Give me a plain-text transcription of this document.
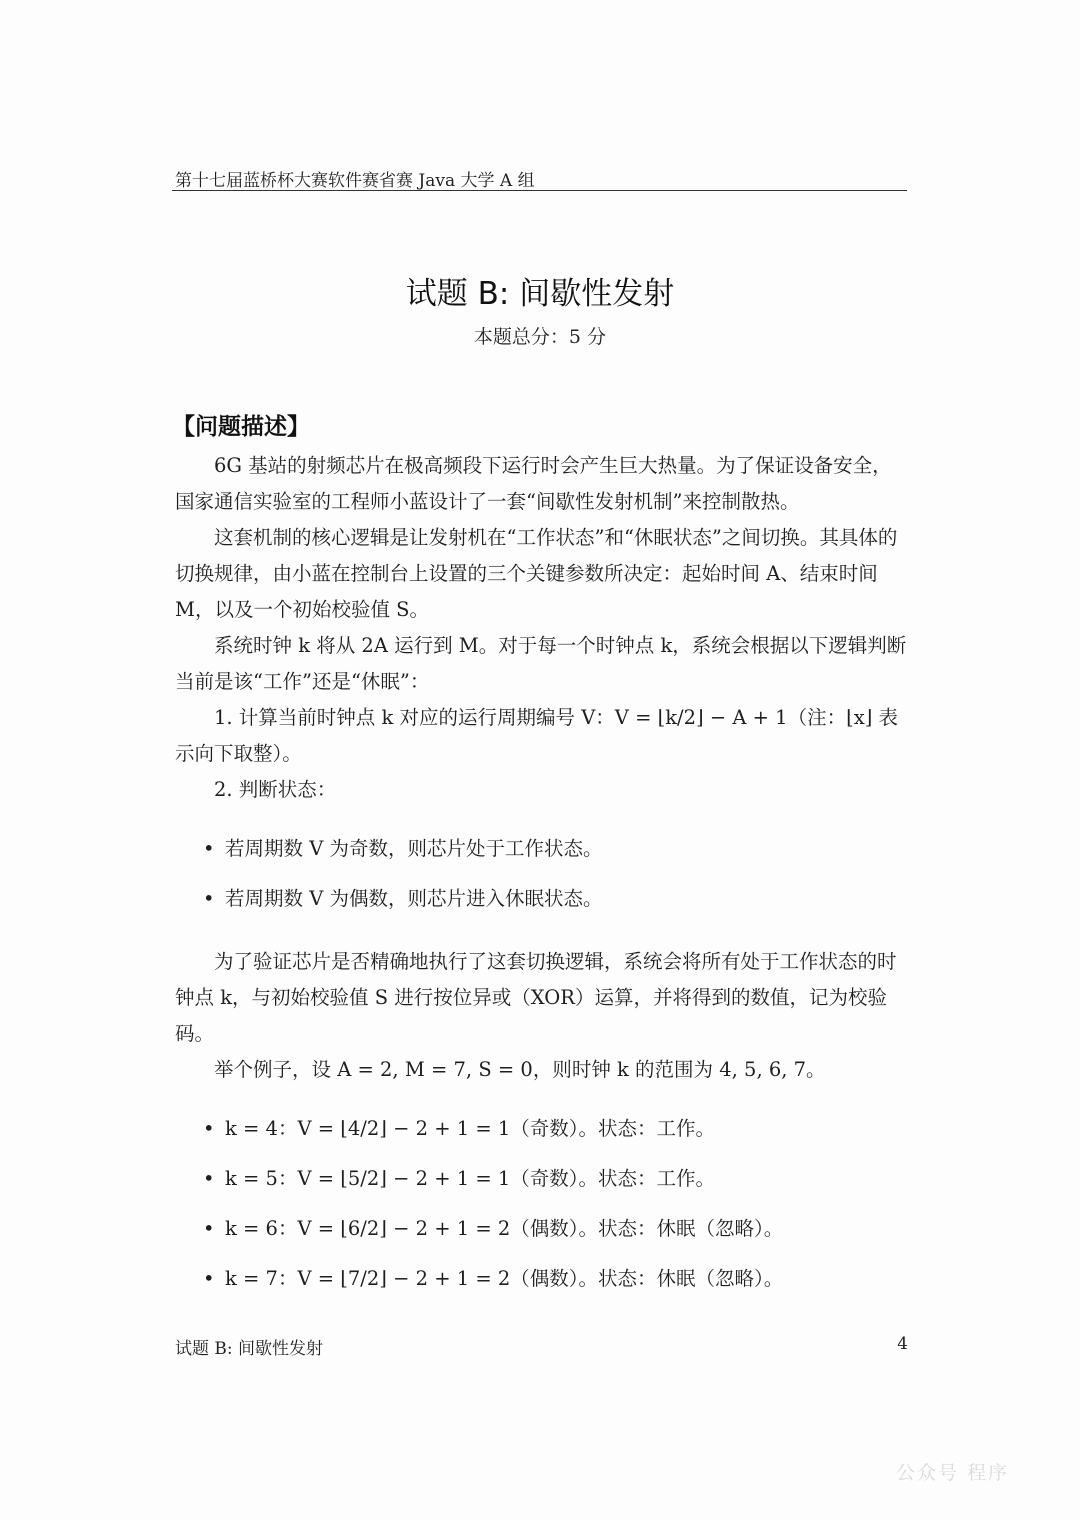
第十七届蓝桥杯大赛软件赛省赛 Java 大学 A 组
试题 B: 间歇性发射
本题总分：5 分
【问题描述】

6G 基站的射频芯片在极高频段下运行时会产生巨大热量。为了保证设备安全，国家通信实验室的工程师小蓝设计了一套“间歇性发射机制”来控制散热。

这套机制的核心逻辑是让发射机在“工作状态”和“休眠状态”之间切换。其具体的切换规律，由小蓝在控制台上设置的三个关键参数所决定：起始时间 A、结束时间 M，以及一个初始校验值 S。

系统时钟 k 将从 2A 运行到 M。对于每一个时钟点 k，系统会根据以下逻辑判断当前是该“工作”还是“休眠”：

1. 计算当前时钟点 k 对应的运行周期编号 V：V = ⌊k/2⌋ − A + 1（注：⌊x⌋ 表示向下取整）。

2. 判断状态：

• 若周期数 V 为奇数，则芯片处于工作状态。
• 若周期数 V 为偶数，则芯片进入休眠状态。

为了验证芯片是否精确地执行了这套切换逻辑，系统会将所有处于工作状态的时钟点 k，与初始校验值 S 进行按位异或（XOR）运算，并将得到的数值，记为校验码。

举个例子，设 A = 2, M = 7, S = 0，则时钟 k 的范围为 4, 5, 6, 7。

• k = 4：V = ⌊4/2⌋ − 2 + 1 = 1（奇数）。状态：工作。
• k = 5：V = ⌊5/2⌋ − 2 + 1 = 1（奇数）。状态：工作。
• k = 6：V = ⌊6/2⌋ − 2 + 1 = 2（偶数）。状态：休眠（忽略）。
• k = 7：V = ⌊7/2⌋ − 2 + 1 = 2（偶数）。状态：休眠（忽略）。
试题 B: 间歇性发射	4
公众号 程序
